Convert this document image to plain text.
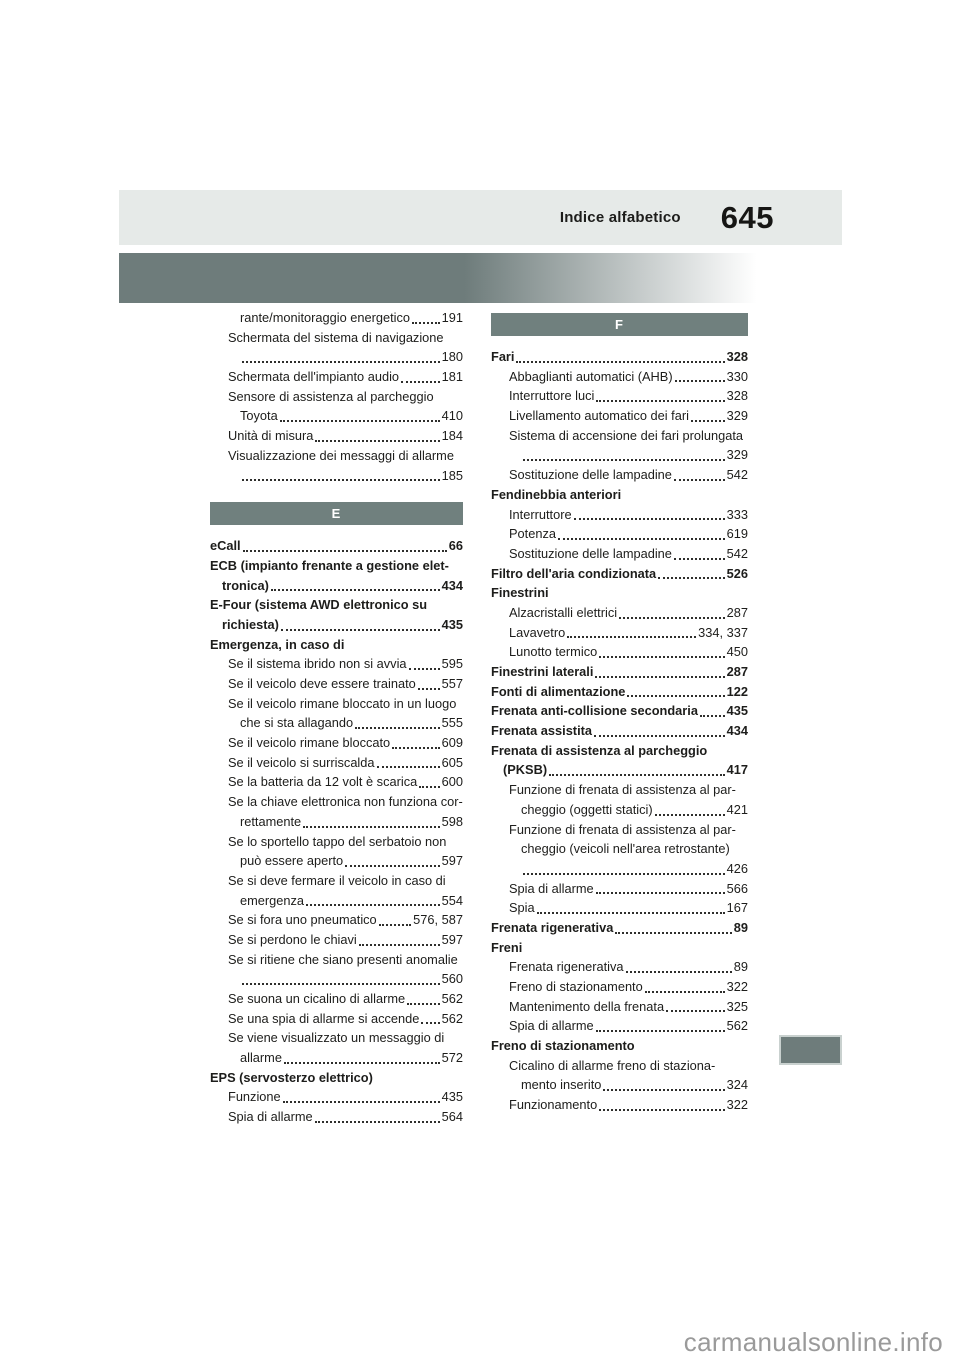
Indice alfabetico 645
rante/monitoraggio energetico 191
Schermata del sistema di navigazione
180
Schermata dell'impianto audio	181
Sensore di assistenza al parcheggio
Toyota	410
Unità di misura	184
Visualizzazione dei messaggi di allarme
185
E
eCall	66
ECB (impianto frenante a gestione elet-
tronica)	434
E-Four (sistema AWD elettronico su
richiesta)	435
Emergenza, in caso di
Se il sistema ibrido non si avvia	595
Se il veicolo deve essere trainato 557
Se il veicolo rimane bloccato in un luogo
che si sta allagando	555
Se il veicolo rimane bloccato	609
Se il veicolo si surriscalda	605
Se la batteria da 12 volt è scarica 600
Se la chiave elettronica non funziona cor-
rettamente	598
Se lo sportello tappo del serbatoio non
può essere aperto	597
Se si deve fermare il veicolo in caso di
emergenza	554
Se si fora uno pneumatico	576, 587
Se si perdono le chiavi	597
Se si ritiene che siano presenti anomalie
560
Se suona un cicalino di allarme	562
Se una spia di allarme si accende 562
Se viene visualizzato un messaggio di
allarme	572
EPS (servosterzo elettrico)
Funzione	435
Spia di allarme	564
F
Fari	328
Abbaglianti automatici (AHB)	330
Interruttore luci	328
Livellamento automatico dei fari	329
Sistema di accensione dei fari prolungata
329
Sostituzione delle lampadine	542
Fendinebbia anteriori
Interruttore	333
Potenza	619
Sostituzione delle lampadine	542
Filtro dell'aria condizionata	526
Finestrini
Alzacristalli elettrici	287
Lavavetro	334, 337
Lunotto termico	450
Finestrini laterali	287
Fonti di alimentazione	122
Frenata anti-collisione secondaria 435
Frenata assistita	434
Frenata di assistenza al parcheggio
(PKSB)	417
Funzione di frenata di assistenza al par-
cheggio (oggetti statici)	421
Funzione di frenata di assistenza al par-
cheggio (veicoli nell'area retrostante)
426
Spia di allarme	566
Spia	167
Frenata rigenerativa	89
Freni
Frenata rigenerativa	89
Freno di stazionamento	322
Mantenimento della frenata	325
Spia di allarme	562
Freno di stazionamento
Cicalino di allarme freno di staziona-
mento inserito	324
Funzionamento	322
carmanualsonline.info
